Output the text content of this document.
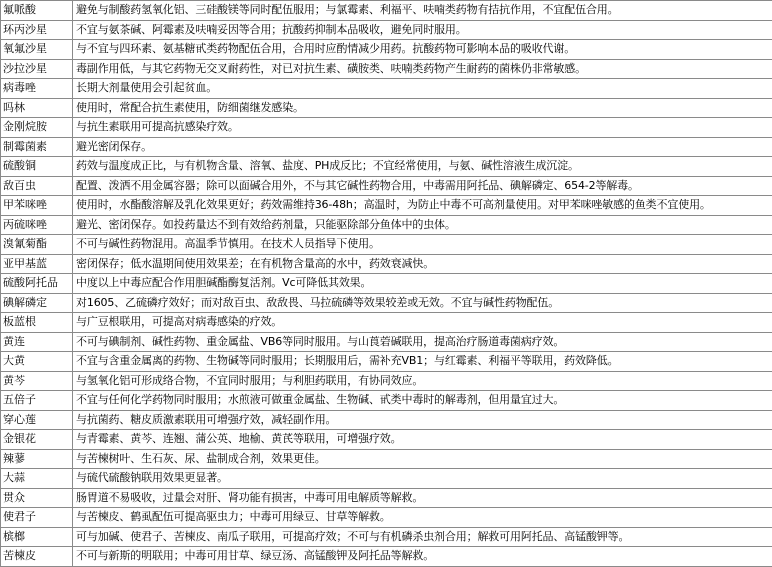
氟哌酸	避免与制酸药氢氧化铝、三硅酸镁等同时配伍服用；与氯霉素、利福平、呋喃类药物有拮抗作用，不宜配伍合用。
环丙沙星	不宜与氨茶碱、阿霉素及呋喃妥因等合用；抗酸药抑制本品吸收，避免同时服用。
氧氟沙星	与不宜与四环素、氨基糖甙类药物配伍合用，合用时应酌情减少用药。抗酸药物可影响本品的吸收代谢。
沙拉沙星	毒副作用低，与其它药物无交叉耐药性，对已对抗生素、磺胺类、呋喃类药物产生耐药的菌株仍非常敏感。
病毒唑	长期大剂量使用会引起贫血。
吗林	使用时，常配合抗生素使用，防细菌继发感染。
金刚烷胺	与抗生素联用可提高抗感染疗效。
制霉菌素	避光密闭保存。
硫酸铜	药效与温度成正比，与有机物含量、溶氧、盐度、PH成反比；不宜经常使用，与氨、碱性溶液生成沉淀。
敌百虫	配置、泼洒不用金属容器；除可以面碱合用外，不与其它碱性药物合用，中毒需用阿托品、碘解磷定、654-2等解毒。
甲苯咪唑	使用时，水酯酸溶解及乳化效果更好；药效需维持36-48h；高温时，为防止中毒不可高剂量使用。对甲苯咪唑敏感的鱼类不宜使用。
丙硫咪唑	避光、密闭保存。如投药量达不到有效给药剂量，只能驱除部分鱼体中的虫体。
溴氰菊酯	不可与碱性药物混用。高温季节慎用。在技术人员指导下使用。
亚甲基蓝	密闭保存；低水温期间使用效果差；在有机物含量高的水中，药效衰减快。
硫酸阿托品	中度以上中毒应配合作用胆碱酯酶复活剂。Vc可降低其效果。
碘解磷定	对1605、乙硫磷疗效好；而对敌百虫、敌敌畏、马拉硫磷等效果较差或无效。不宜与碱性药物配伍。
板蓝根	与广豆根联用，可提高对病毒感染的疗效。
黄连	不可与碘制剂、碱性药物、重金属盐、VB6等同时服用。与山莨菪碱联用，提高治疗肠道毒菌病疗效。
大黄	不宜与含重金属离的药物、生物碱等同时服用；长期服用后，需补充VB1；与红霉素、利福平等联用，药效降低。
黄芩	与氢氧化铝可形成络合物，不宜同时服用；与利胆药联用，有协同效应。
五倍子	不宜与任何化学药物同时服用；水煎液可做重金属盐、生物碱、甙类中毒时的解毒剂，但用量宜过大。
穿心莲	与抗菌药、糖皮质激素联用可增强疗效，减轻副作用。
金银花	与青霉素、黄芩、连翘、蒲公英、地榆、黄芪等联用，可增强疗效。
辣蓼	与苦楝树叶、生石灰、尿、盐制成合剂，效果更佳。
大蒜	与硫代硫酸钠联用效果更显著。
贯众	肠胃道不易吸收，过量会对肝、肾功能有损害，中毒可用电解质等解救。
使君子	与苦楝皮、鹤虱配伍可提高驱虫力；中毒可用绿豆、甘草等解救。
槟榔	可与加碱、使君子、苦楝皮、南瓜子联用，可提高疗效；不可与有机磷杀虫剂合用；解救可用阿托品、高锰酸钾等。
苦楝皮	不可与新斯的明联用；中毒可用甘草、绿豆汤、高锰酸钾及阿托品等解救。
